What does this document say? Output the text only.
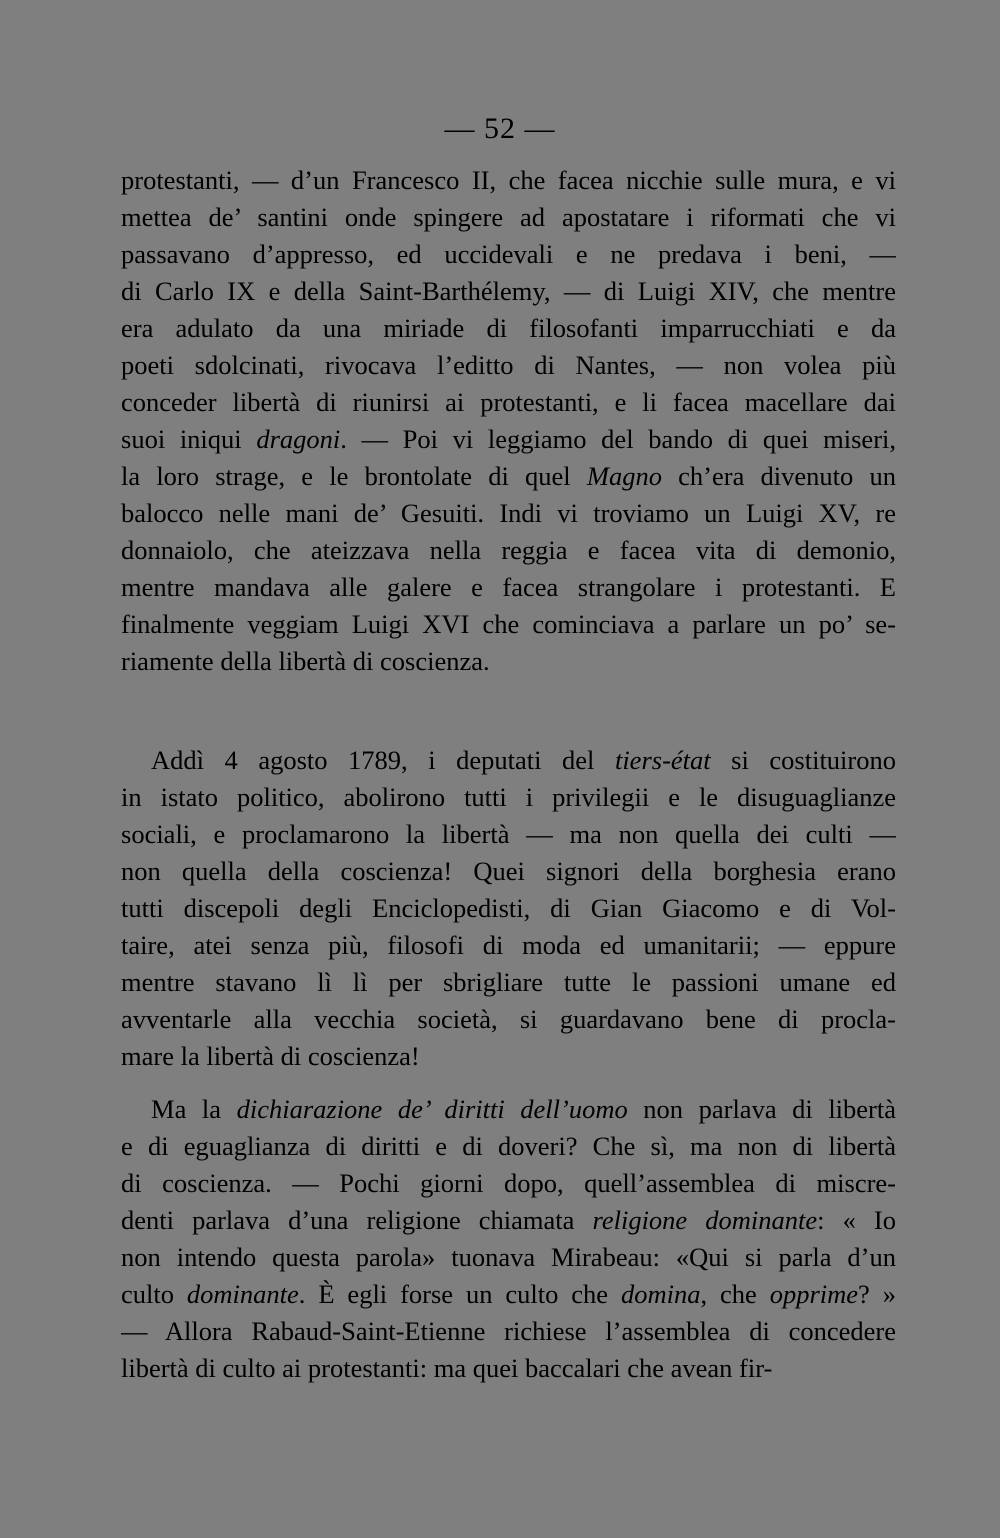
— 52 —
protestanti, — d’un Francesco II, che facea nicchie sulle mura, e vi
mettea de’ santini onde spingere ad apostatare i riformati che vi
passavano d’appresso, ed uccidevali e ne predava i beni, —
di Carlo IX e della Saint-Barthélemy, — di Luigi XIV, che mentre
era adulato da una miriade di filosofanti imparrucchiati e da
poeti sdolcinati, rivocava l’editto di Nantes, — non volea più
conceder libertà di riunirsi ai protestanti, e li facea macellare dai
suoi iniqui dragoni. — Poi vi leggiamo del bando di quei miseri,
la loro strage, e le brontolate di quel Magno ch’era divenuto un
balocco nelle mani de’ Gesuiti. Indi vi troviamo un Luigi XV, re
donnaiolo, che ateizzava nella reggia e facea vita di demonio,
mentre mandava alle galere e facea strangolare i protestanti. E
finalmente veggiam Luigi XVI che cominciava a parlare un po’ se-
riamente della libertà di coscienza.
Addì 4 agosto 1789, i deputati del tiers-état si costituirono
in istato politico, abolirono tutti i privilegii e le disuguaglianze
sociali, e proclamarono la libertà — ma non quella dei culti —
non quella della coscienza! Quei signori della borghesia erano
tutti discepoli degli Enciclopedisti, di Gian Giacomo e di Vol-
taire, atei senza più, filosofi di moda ed umanitarii; — eppure
mentre stavano lì lì per sbrigliare tutte le passioni umane ed
avventarle alla vecchia società, si guardavano bene di procla-
mare la libertà di coscienza!
Ma la dichiarazione de’ diritti dell’uomo non parlava di libertà
e di eguaglianza di diritti e di doveri? Che sì, ma non di libertà
di coscienza. — Pochi giorni dopo, quell’assemblea di miscre-
denti parlava d’una religione chiamata religione dominante: « Io
non intendo questa parola» tuonava Mirabeau: «Qui si parla d’un
culto dominante. È egli forse un culto che domina, che opprime? »
— Allora Rabaud-Saint-Etienne richiese l’assemblea di concedere
libertà di culto ai protestanti: ma quei baccalari che avean fir-
